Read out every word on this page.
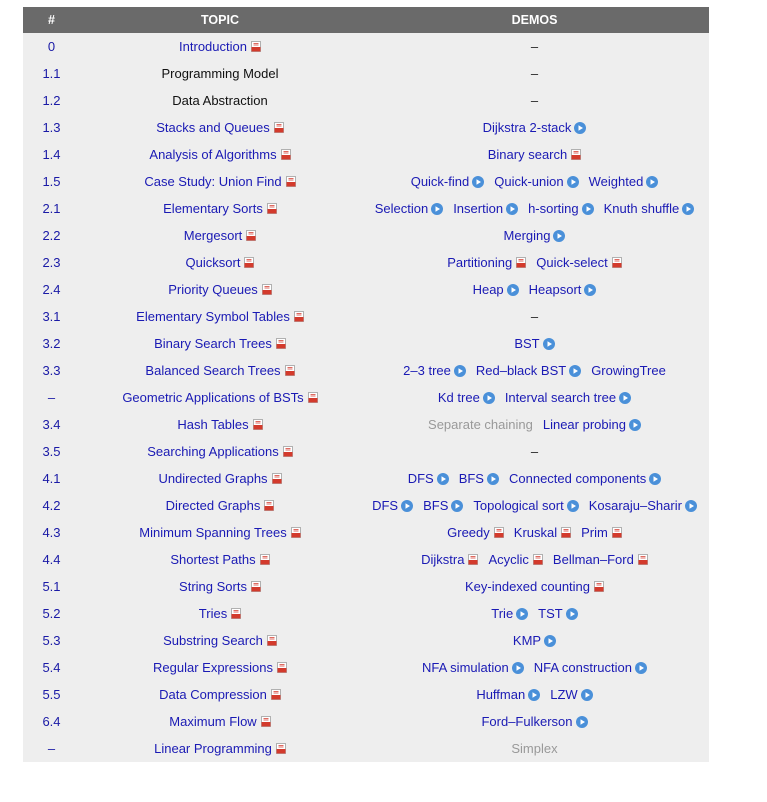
#	TOPIC	DEMOS
0	Introduction	–
1.1	Programming Model	–
1.2	Data Abstraction	–
1.3	Stacks and Queues	Dijkstra 2-stack
1.4	Analysis of Algorithms	Binary search
1.5	Case Study: Union Find	Quick-find Quick-union Weighted
2.1	Elementary Sorts	Selection Insertion h-sorting Knuth shuffle
2.2	Mergesort	Merging
2.3	Quicksort	Partitioning Quick-select
2.4	Priority Queues	Heap Heapsort
3.1	Elementary Symbol Tables	–
3.2	Binary Search Trees	BST
3.3	Balanced Search Trees	2–3 tree Red–black BST GrowingTree
–	Geometric Applications of BSTs	Kd tree Interval search tree
3.4	Hash Tables	Separate chaining Linear probing
3.5	Searching Applications	–
4.1	Undirected Graphs	DFS BFS Connected components
4.2	Directed Graphs	DFS BFS Topological sort Kosaraju–Sharir
4.3	Minimum Spanning Trees	Greedy Kruskal Prim
4.4	Shortest Paths	Dijkstra Acyclic Bellman–Ford
5.1	String Sorts	Key-indexed counting
5.2	Tries	Trie TST
5.3	Substring Search	KMP
5.4	Regular Expressions	NFA simulation NFA construction
5.5	Data Compression	Huffman LZW
6.4	Maximum Flow	Ford–Fulkerson
–	Linear Programming	Simplex
